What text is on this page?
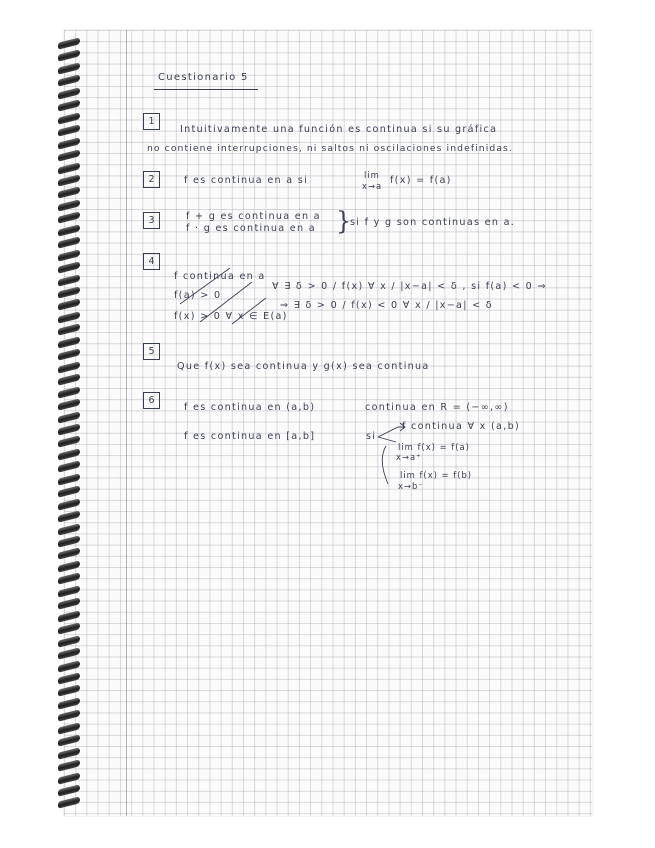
Cuestionario 5

1

Intuitivamente una función es continua si su gráfica

no contiene interrupciones, ni saltos ni oscilaciones indefinidas.

2	f es continua en a si	lim

x→a f(x) = f(a)

3	f + g es continua en a

f · g es continua en a }

si f y g son continuas en a.

4

f continua en a

f(a) > 0

f(x) > 0 ∀ x ∈ E(a)

∀ ∃ δ > 0 / f(x) ∀ x / |x−a| < δ , si f(a) < 0 ⇒

⇒ ∃ δ > 0 / f(x) < 0 ∀ x / |x−a| < δ

5

Que f(x) sea continua y g(x) sea continua

6

f es continua en (a,b)	continua en R = (−∞,∞)

f es continua en [a,b]	si

f continua ∀ x (a,b)

lim f(x) = f(a)

x→a⁺

lim f(x) = f(b)

x→b⁻
